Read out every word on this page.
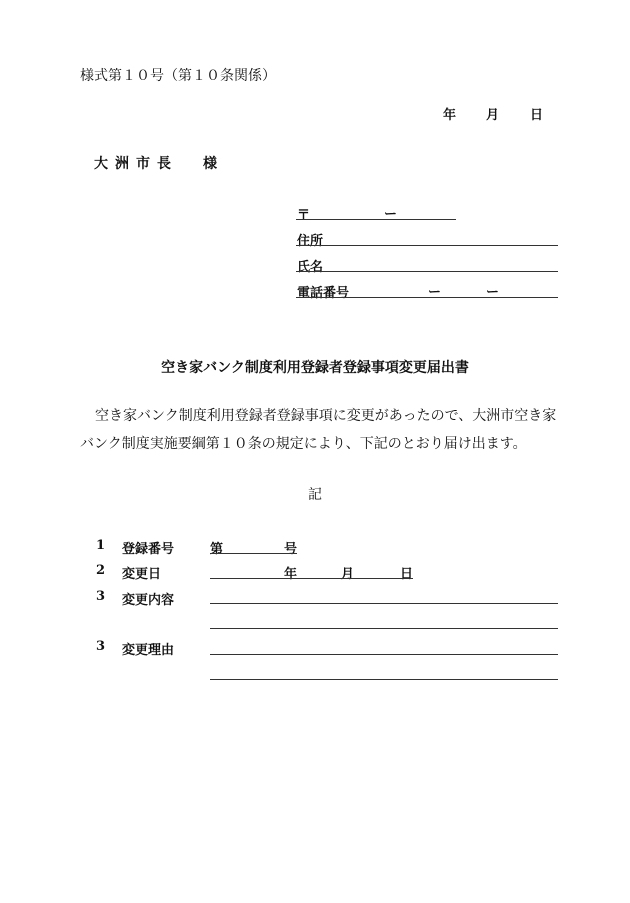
様式第１０号（第１０条関係）
年 月 日
大洲市長 様
〒	ー
住所
氏名
電話番号	ー	ー
空き家バンク制度利用登録者登録事項変更届出書
空き家バンク制度利用登録者登録事項に変更があったので、大洲市空き家バンク制度実施要綱第１０条の規定により、下記のとおり届け出ます。
記
1 登録番号	第	号
2 変更日	年	月	日
3 変更内容
3 変更理由
